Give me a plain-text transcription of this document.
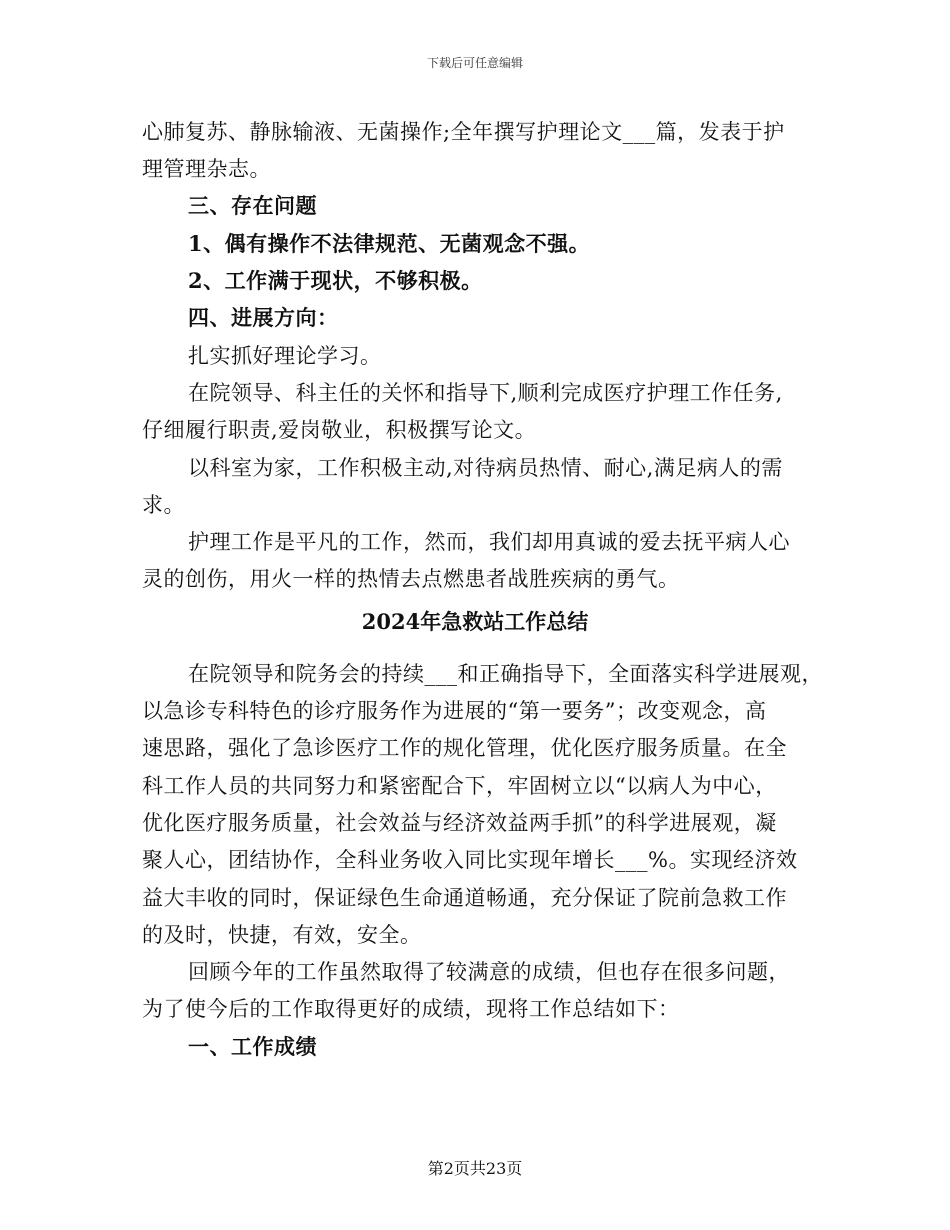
下载后可任意编辑
心肺复苏、静脉输液、无菌操作;全年撰写护理论文___篇，发表于护
理管理杂志。
三、存在问题
1、偶有操作不法律规范、无菌观念不强。
2、工作满于现状，不够积极。
四、进展方向：
扎实抓好理论学习。
在院领导、科主任的关怀和指导下,顺利完成医疗护理工作任务,
仔细履行职责,爱岗敬业，积极撰写论文。
以科室为家，工作积极主动,对待病员热情、耐心,满足病人的需
求。
护理工作是平凡的工作，然而，我们却用真诚的爱去抚平病人心
灵的创伤，用火一样的热情去点燃患者战胜疾病的勇气。
2024年急救站工作总结
在院领导和院务会的持续___和正确指导下，全面落实科学进展观，
以急诊专科特色的诊疗服务作为进展的“第一要务”；改变观念，高
速思路，强化了急诊医疗工作的规化管理，优化医疗服务质量。在全
科工作人员的共同努力和紧密配合下，牢固树立以“以病人为中心，
优化医疗服务质量，社会效益与经济效益两手抓”的科学进展观，凝
聚人心，团结协作，全科业务收入同比实现年增长___%。实现经济效
益大丰收的同时，保证绿色生命通道畅通，充分保证了院前急救工作
的及时，快捷，有效，安全。
回顾今年的工作虽然取得了较满意的成绩，但也存在很多问题，
为了使今后的工作取得更好的成绩，现将工作总结如下：
一、工作成绩
第2页共23页
